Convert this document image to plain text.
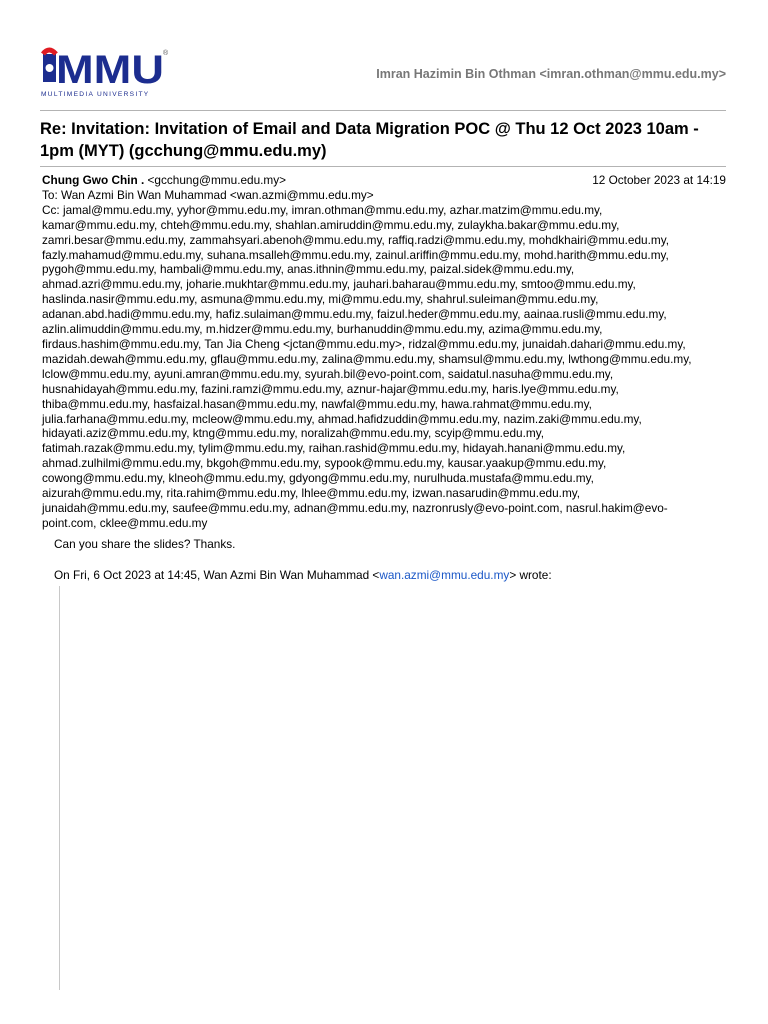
MMU ®
MULTIMEDIA UNIVERSITY
Imran Hazimin Bin Othman <imran.othman@mmu.edu.my>
Re: Invitation: Invitation of Email and Data Migration POC @ Thu 12 Oct 2023 10am - 1pm (MYT) (gcchung@mmu.edu.my)
Chung Gwo Chin . <gcchung@mmu.edu.my>	12 October 2023 at 14:19
To: Wan Azmi Bin Wan Muhammad <wan.azmi@mmu.edu.my>
Cc: jamal@mmu.edu.my, yyhor@mmu.edu.my, imran.othman@mmu.edu.my, azhar.matzim@mmu.edu.my,
kamar@mmu.edu.my, chteh@mmu.edu.my, shahlan.amiruddin@mmu.edu.my, zulaykha.bakar@mmu.edu.my,
zamri.besar@mmu.edu.my, zammahsyari.abenoh@mmu.edu.my, raffiq.radzi@mmu.edu.my, mohdkhairi@mmu.edu.my,
fazly.mahamud@mmu.edu.my, suhana.msalleh@mmu.edu.my, zainul.ariffin@mmu.edu.my, mohd.harith@mmu.edu.my,
pygoh@mmu.edu.my, hambali@mmu.edu.my, anas.ithnin@mmu.edu.my, paizal.sidek@mmu.edu.my,
ahmad.azri@mmu.edu.my, joharie.mukhtar@mmu.edu.my, jauhari.baharau@mmu.edu.my, smtoo@mmu.edu.my,
haslinda.nasir@mmu.edu.my, asmuna@mmu.edu.my, mi@mmu.edu.my, shahrul.suleiman@mmu.edu.my,
adanan.abd.hadi@mmu.edu.my, hafiz.sulaiman@mmu.edu.my, faizul.heder@mmu.edu.my, aainaa.rusli@mmu.edu.my,
azlin.alimuddin@mmu.edu.my, m.hidzer@mmu.edu.my, burhanuddin@mmu.edu.my, azima@mmu.edu.my,
firdaus.hashim@mmu.edu.my, Tan Jia Cheng <jctan@mmu.edu.my>, ridzal@mmu.edu.my, junaidah.dahari@mmu.edu.my,
mazidah.dewah@mmu.edu.my, gflau@mmu.edu.my, zalina@mmu.edu.my, shamsul@mmu.edu.my, lwthong@mmu.edu.my,
lclow@mmu.edu.my, ayuni.amran@mmu.edu.my, syurah.bil@evo-point.com, saidatul.nasuha@mmu.edu.my,
husnahidayah@mmu.edu.my, fazini.ramzi@mmu.edu.my, aznur-hajar@mmu.edu.my, haris.lye@mmu.edu.my,
thiba@mmu.edu.my, hasfaizal.hasan@mmu.edu.my, nawfal@mmu.edu.my, hawa.rahmat@mmu.edu.my,
julia.farhana@mmu.edu.my, mcleow@mmu.edu.my, ahmad.hafidzuddin@mmu.edu.my, nazim.zaki@mmu.edu.my,
hidayati.aziz@mmu.edu.my, ktng@mmu.edu.my, noralizah@mmu.edu.my, scyip@mmu.edu.my,
fatimah.razak@mmu.edu.my, tylim@mmu.edu.my, raihan.rashid@mmu.edu.my, hidayah.hanani@mmu.edu.my,
ahmad.zulhilmi@mmu.edu.my, bkgoh@mmu.edu.my, sypook@mmu.edu.my, kausar.yaakup@mmu.edu.my,
cowong@mmu.edu.my, klneoh@mmu.edu.my, gdyong@mmu.edu.my, nurulhuda.mustafa@mmu.edu.my,
aizurah@mmu.edu.my, rita.rahim@mmu.edu.my, lhlee@mmu.edu.my, izwan.nasarudin@mmu.edu.my,
junaidah@mmu.edu.my, saufee@mmu.edu.my, adnan@mmu.edu.my, nazronrusly@evo-point.com, nasrul.hakim@evo-
point.com, cklee@mmu.edu.my
Can you share the slides? Thanks.
On Fri, 6 Oct 2023 at 14:45, Wan Azmi Bin Wan Muhammad <wan.azmi@mmu.edu.my> wrote:
